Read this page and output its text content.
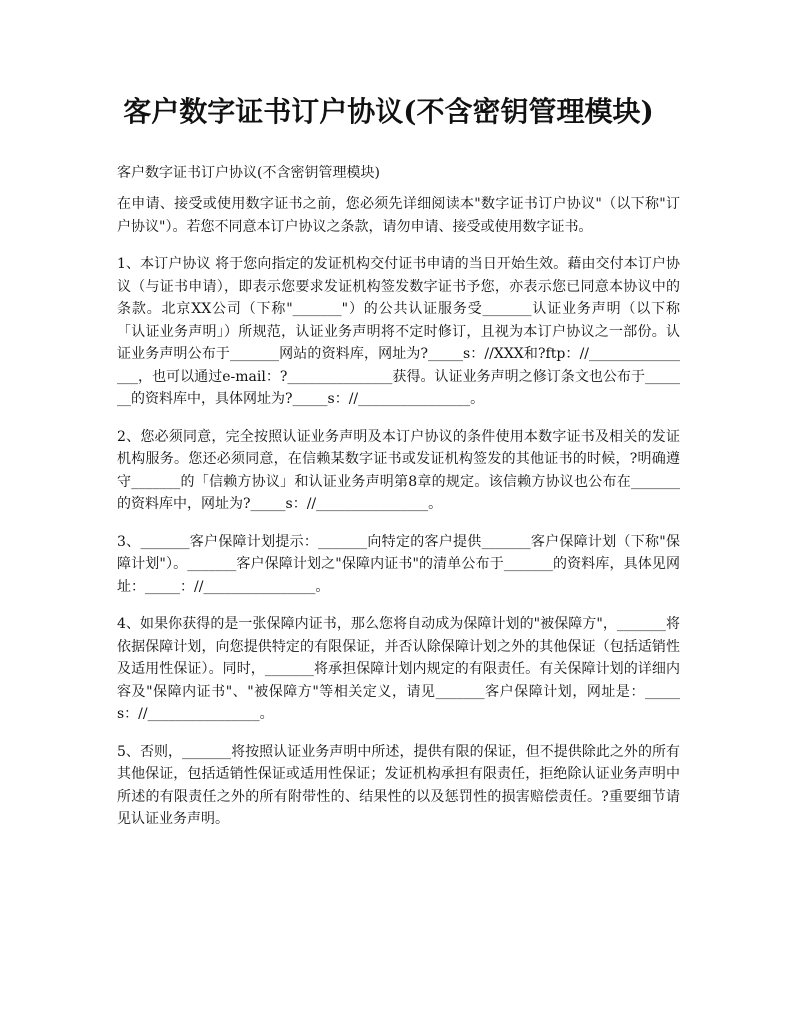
客户数字证书订户协议(不含密钥管理模块)

客户数字证书订户协议(不含密钥管理模块)

在申请、接受或使用数字证书之前，您必须先详细阅读本"数字证书订户协议"（以下称"订户协议"）。若您不同意本订户协议之条款，请勿申请、接受或使用数字证书。

1、本订户协议 将于您向指定的发证机构交付证书申请的当日开始生效。藉由交付本订户协议（与证书申请），即表示您要求发证机构签发数字证书予您，亦表示您已同意本协议中的条款。北京XX公司（下称"_______"）的公共认证服务受_______认证业务声明（以下称「认证业务声明」）所规范，认证业务声明将不定时修订，且视为本订户协议之一部份。认证业务声明公布于_______网站的资料库，网址为?_____s：//XXX和?ftp：//________________，也可以通过e-mail：?_______________获得。认证业务声明之修订条文也公布于_______的资料库中，具体网址为?_____s：//________________。

2、您必须同意，完全按照认证业务声明及本订户协议的条件使用本数字证书及相关的发证机构服务。您还必须同意，在信赖某数字证书或发证机构签发的其他证书的时候，?明确遵守_______的「信赖方协议」和认证业务声明第8章的规定。该信赖方协议也公布在_______的资料库中，网址为?_____s：//________________。

3、_______客户保障计划提示：_______向特定的客户提供_______客户保障计划（下称"保障计划"）。_______客户保障计划之"保障内证书"的清单公布于_______的资料库，具体见网址：_____：//________________。

4、如果你获得的是一张保障内证书，那么您将自动成为保障计划的"被保障方"，_______将依据保障计划，向您提供特定的有限保证，并否认除保障计划之外的其他保证（包括适销性及适用性保证）。同时，_______将承担保障计划内规定的有限责任。有关保障计划的详细内容及"保障内证书"、"被保障方"等相关定义，请见_______客户保障计划，网址是：_____s：//________________。

5、否则，_______将按照认证业务声明中所述，提供有限的保证，但不提供除此之外的所有其他保证，包括适销性保证或适用性保证；发证机构承担有限责任，拒绝除认证业务声明中所述的有限责任之外的所有附带性的、结果性的以及惩罚性的损害赔偿责任。?重要细节请见认证业务声明。
